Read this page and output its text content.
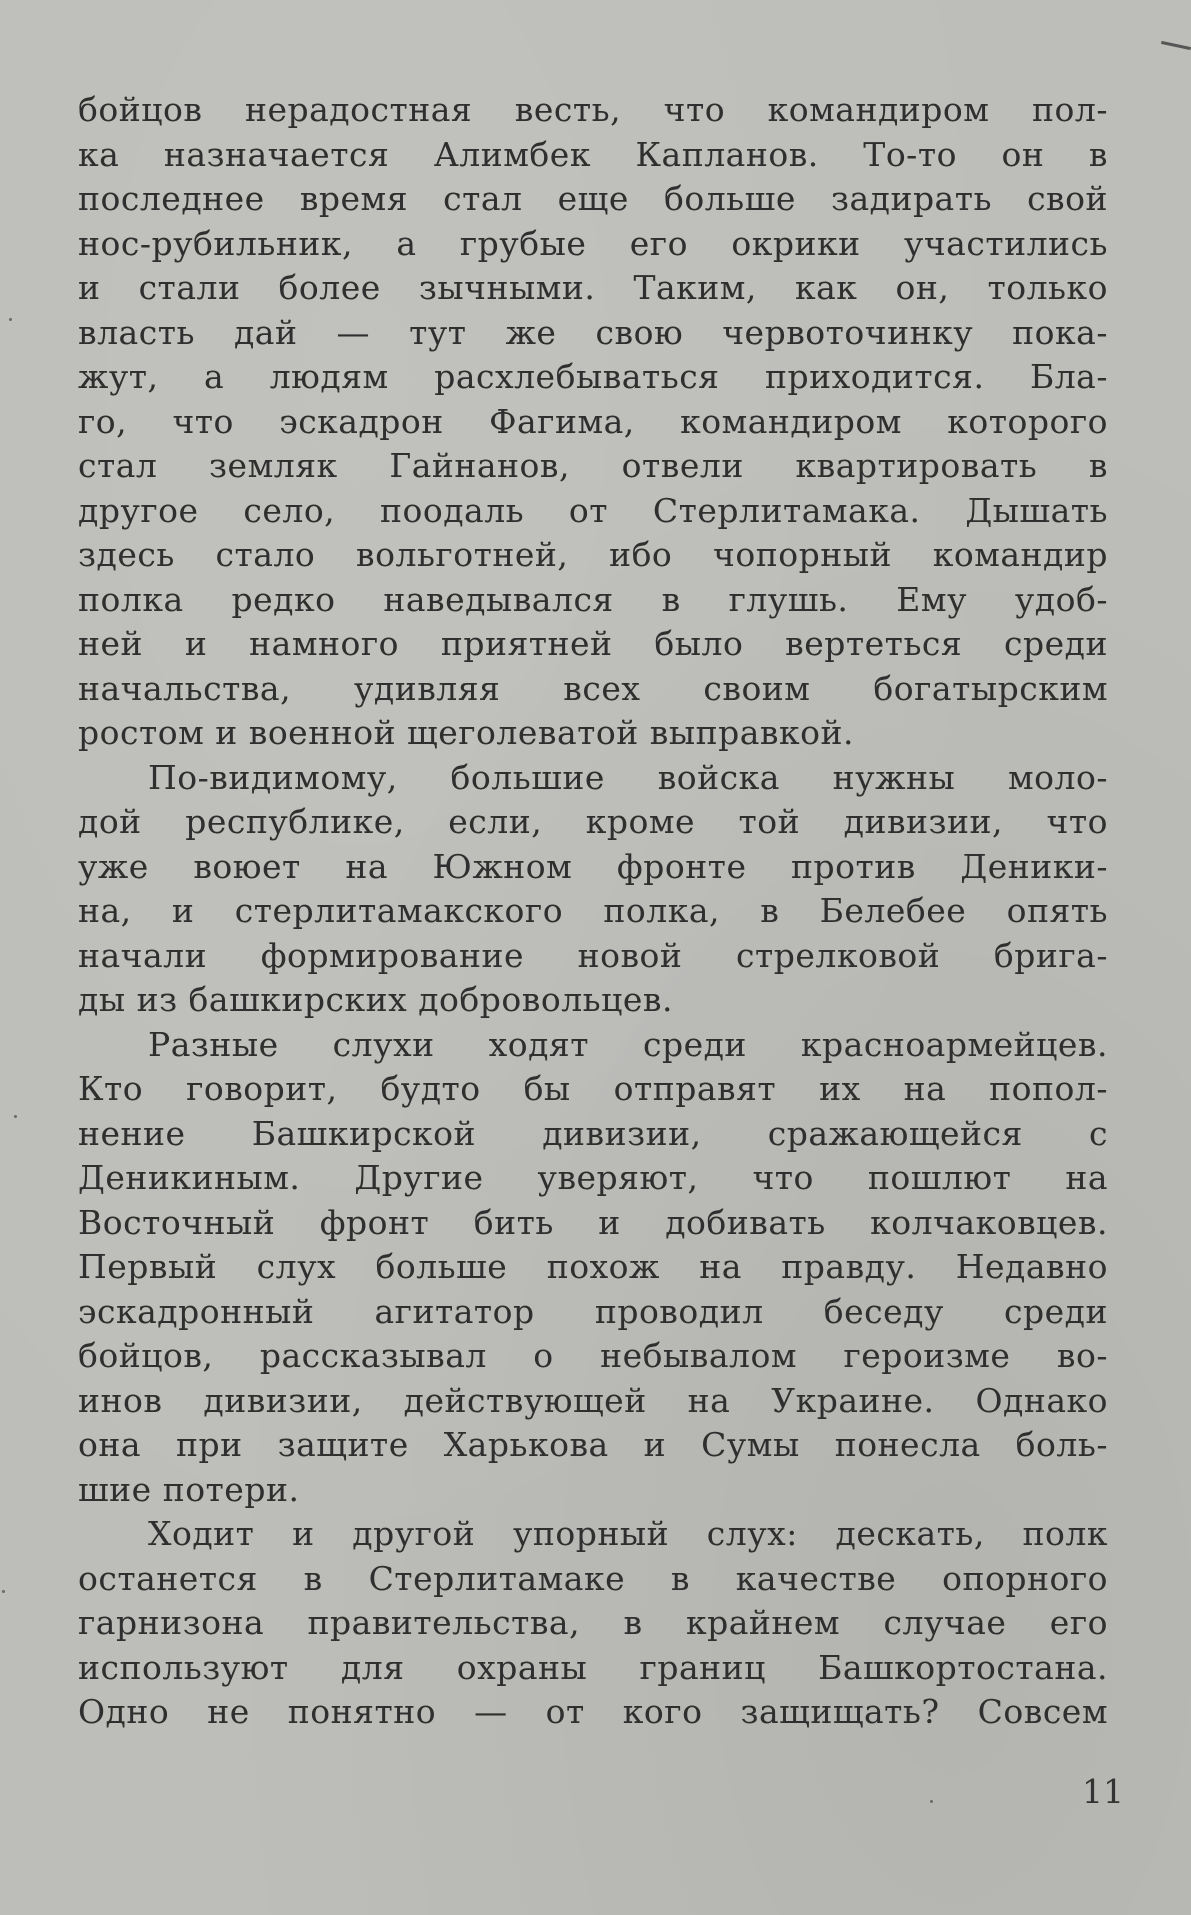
бойцов нерадостная весть, что командиром пол-
ка назначается Алимбек Капланов. То-то он в
последнее время стал еще больше задирать свой
нос-рубильник, а грубые его окрики участились
и стали более зычными. Таким, как он, только
власть дай — тут же свою червоточинку пока-
жут, а людям расхлебываться приходится. Бла-
го, что эскадрон Фагима, командиром которого
стал земляк Гайнанов, отвели квартировать в
другое село, поодаль от Стерлитамака. Дышать
здесь стало вольготней, ибо чопорный командир
полка редко наведывался в глушь. Ему удоб-
ней и намного приятней было вертеться среди
начальства, удивляя всех своим богатырским
ростом и военной щеголеватой выправкой.
По-видимому, большие войска нужны моло-
дой республике, если, кроме той дивизии, что
уже воюет на Южном фронте против Деники-
на, и стерлитамакского полка, в Белебее опять
начали формирование новой стрелковой брига-
ды из башкирских добровольцев.
Разные слухи ходят среди красноармейцев.
Кто говорит, будто бы отправят их на попол-
нение Башкирской дивизии, сражающейся с
Деникиным. Другие уверяют, что пошлют на
Восточный фронт бить и добивать колчаковцев.
Первый слух больше похож на правду. Недавно
эскадронный агитатор проводил беседу среди
бойцов, рассказывал о небывалом героизме во-
инов дивизии, действующей на Украине. Однако
она при защите Харькова и Сумы понесла боль-
шие потери.
Ходит и другой упорный слух: дескать, полк
останется в Стерлитамаке в качестве опорного
гарнизона правительства, в крайнем случае его
используют для охраны границ Башкортостана.
Одно не понятно — от кого защищать? Совсем
11
